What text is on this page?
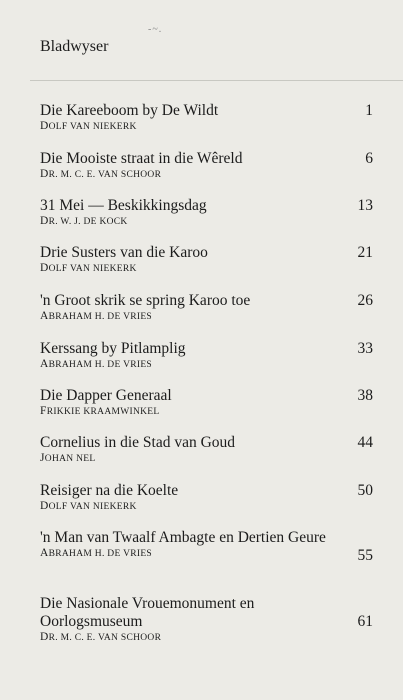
-~.
Bladwyser
Die Kareeboom by De Wildt
DOLF VAN NIEKERK
1
Die Mooiste straat in die Wêreld
DR. M. C. E. VAN SCHOOR
6
31 Mei — Beskikkingsdag
DR. W. J. DE KOCK
13
Drie Susters van die Karoo
DOLF VAN NIEKERK
21
'n Groot skrik se spring Karoo toe
ABRAHAM H. DE VRIES
26
Kerssang by Pitlamplig
ABRAHAM H. DE VRIES
33
Die Dapper Generaal
FRIKKIE KRAAMWINKEL
38
Cornelius in die Stad van Goud
JOHAN NEL
44
Reisiger na die Koelte
DOLF VAN NIEKERK
50
'n Man van Twaalf Ambagte en Dertien Geure
ABRAHAM H. DE VRIES	55
Die Nasionale Vrouemonument en Oorlogsmuseum
DR. M. C. E. VAN SCHOOR
61
